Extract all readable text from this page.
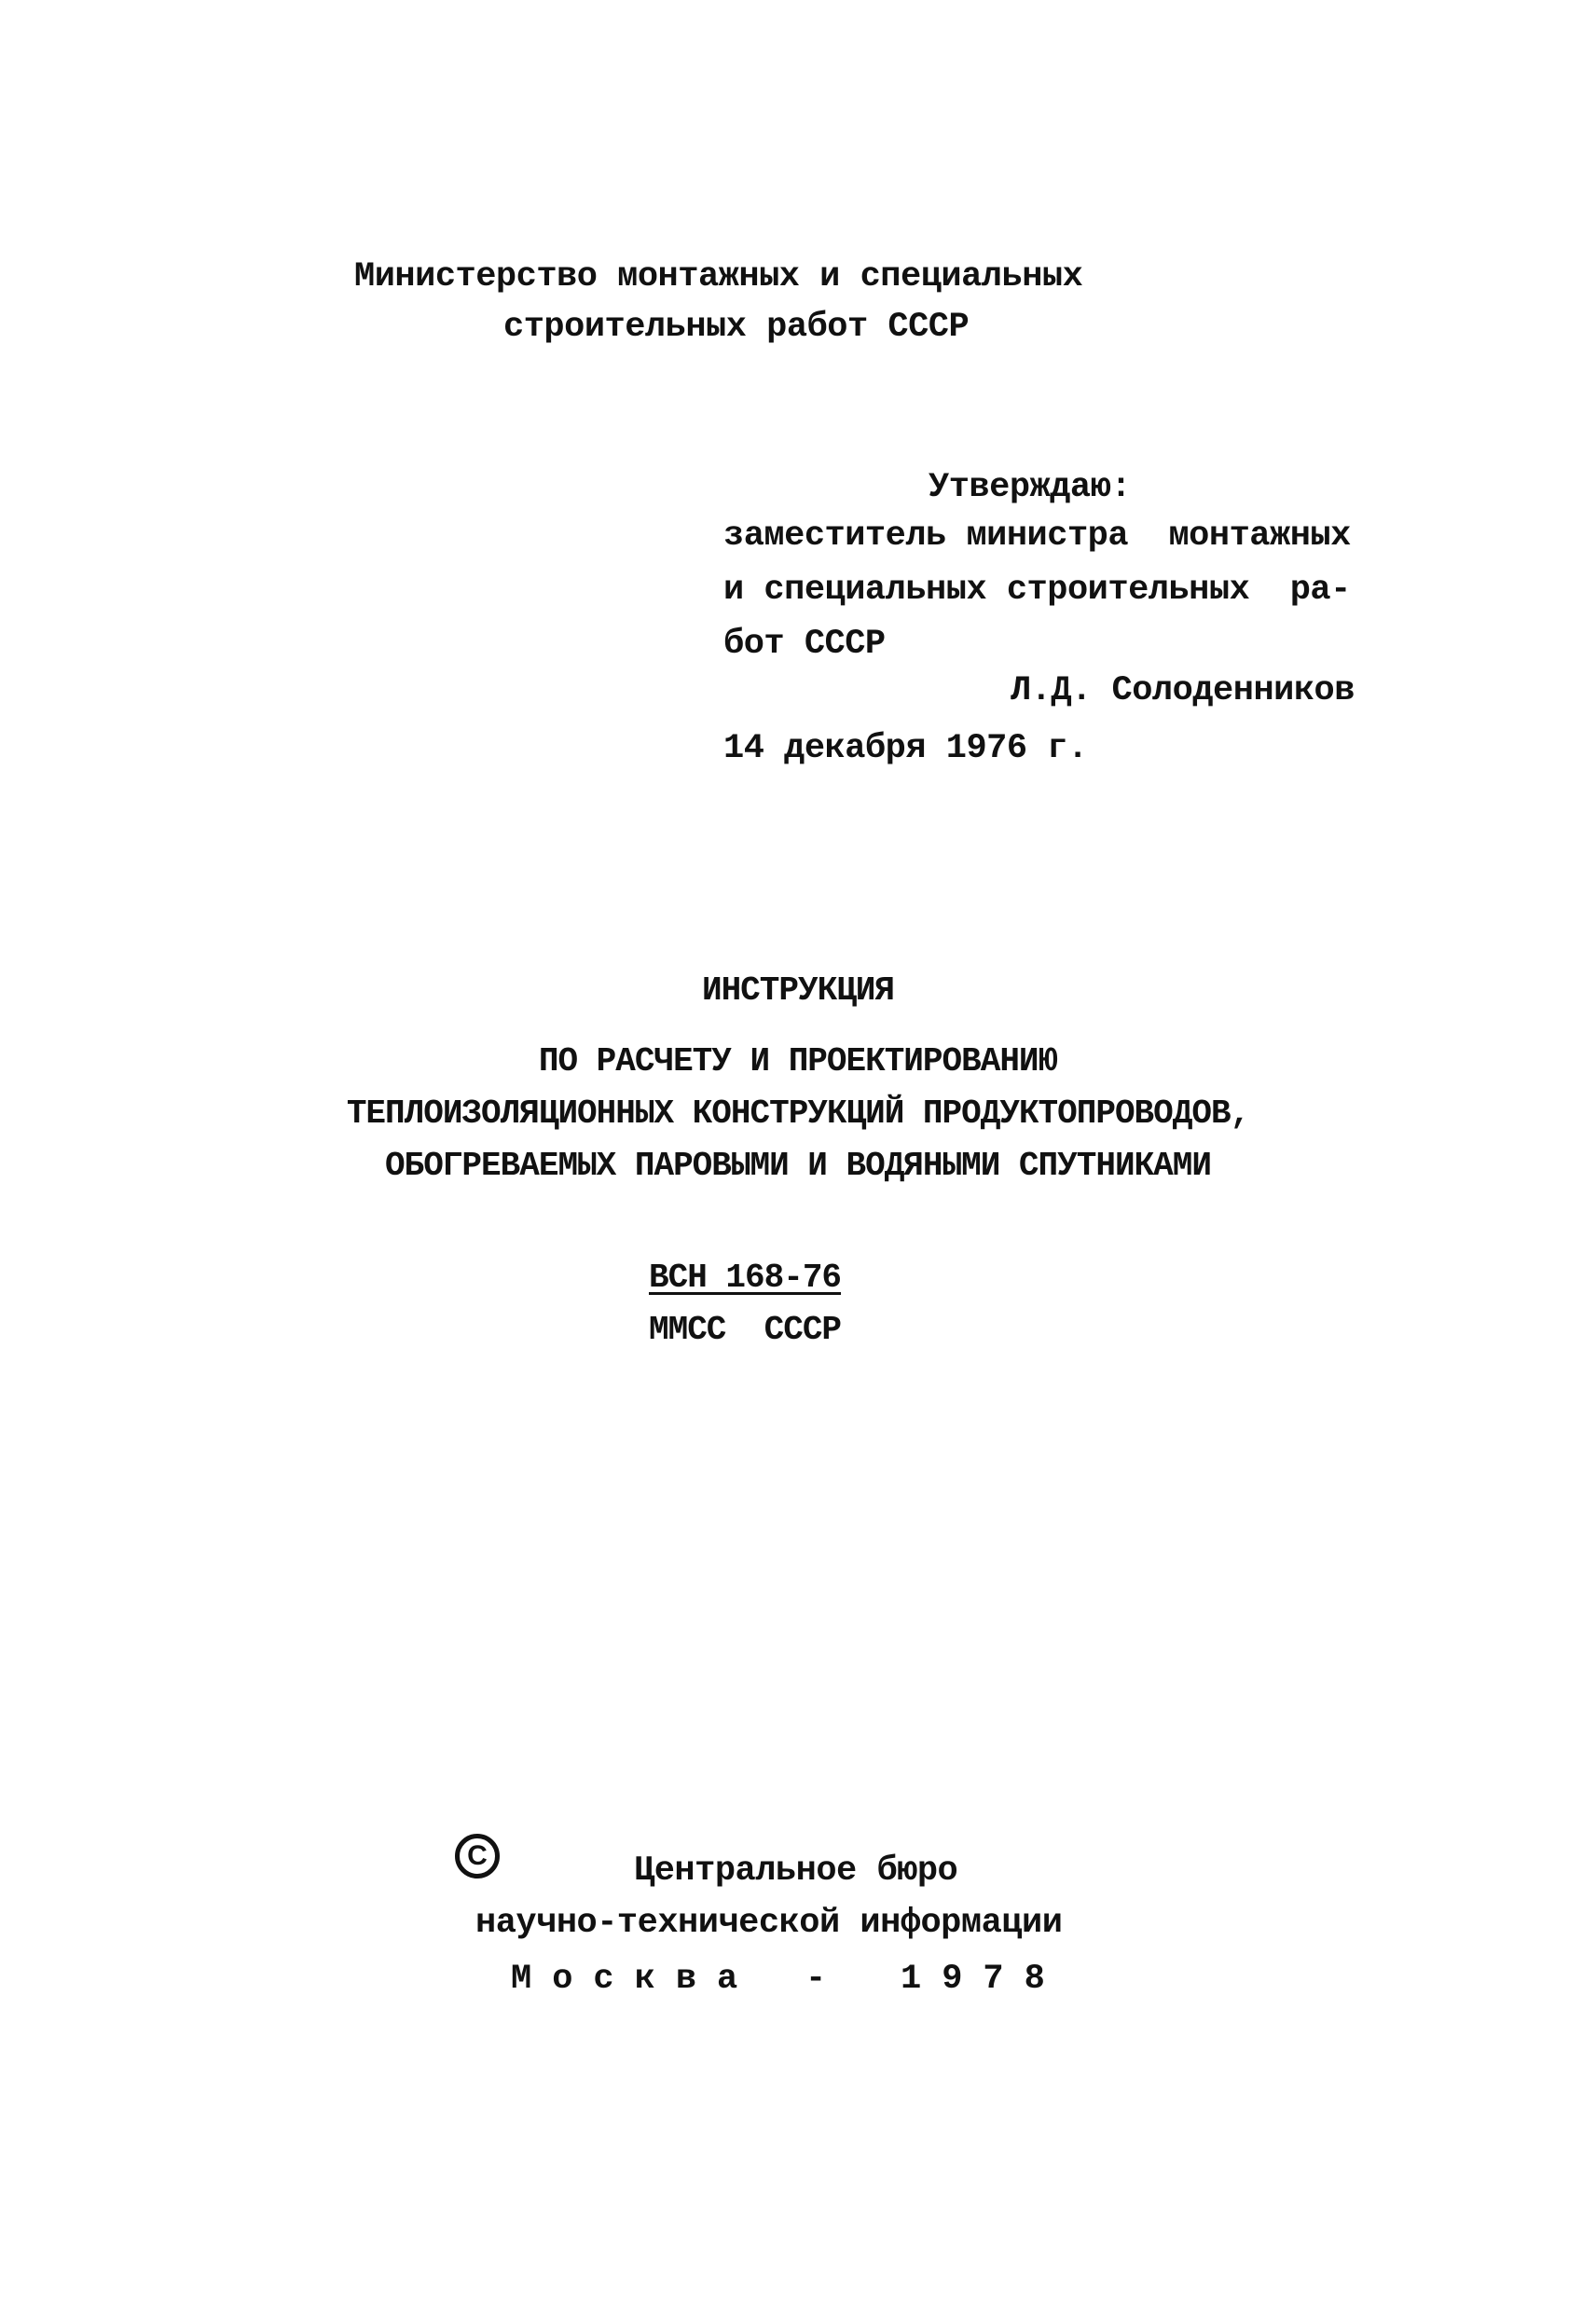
Министерство монтажных и специальных
строительных работ СССР
Утверждаю:
заместитель министра  монтажных
и специальных строительных  ра-
бот СССР
Л.Д. Солоденников
14 декабря 1976 г.
ИНСТРУКЦИЯ
ПО РАСЧЕТУ И ПРОЕКТИРОВАНИЮ
ТЕПЛОИЗОЛЯЦИОННЫХ КОНСТРУКЦИЙ ПРОДУКТОПРОВОДОВ,
ОБОГРЕВАЕМЫХ ПАРОВЫМИ И ВОДЯНЫМИ СПУТНИКАМИ
ВСН 168-76
ММСС  СССР
C	Центральное бюро
научно-технической информации
Москва - 1978
